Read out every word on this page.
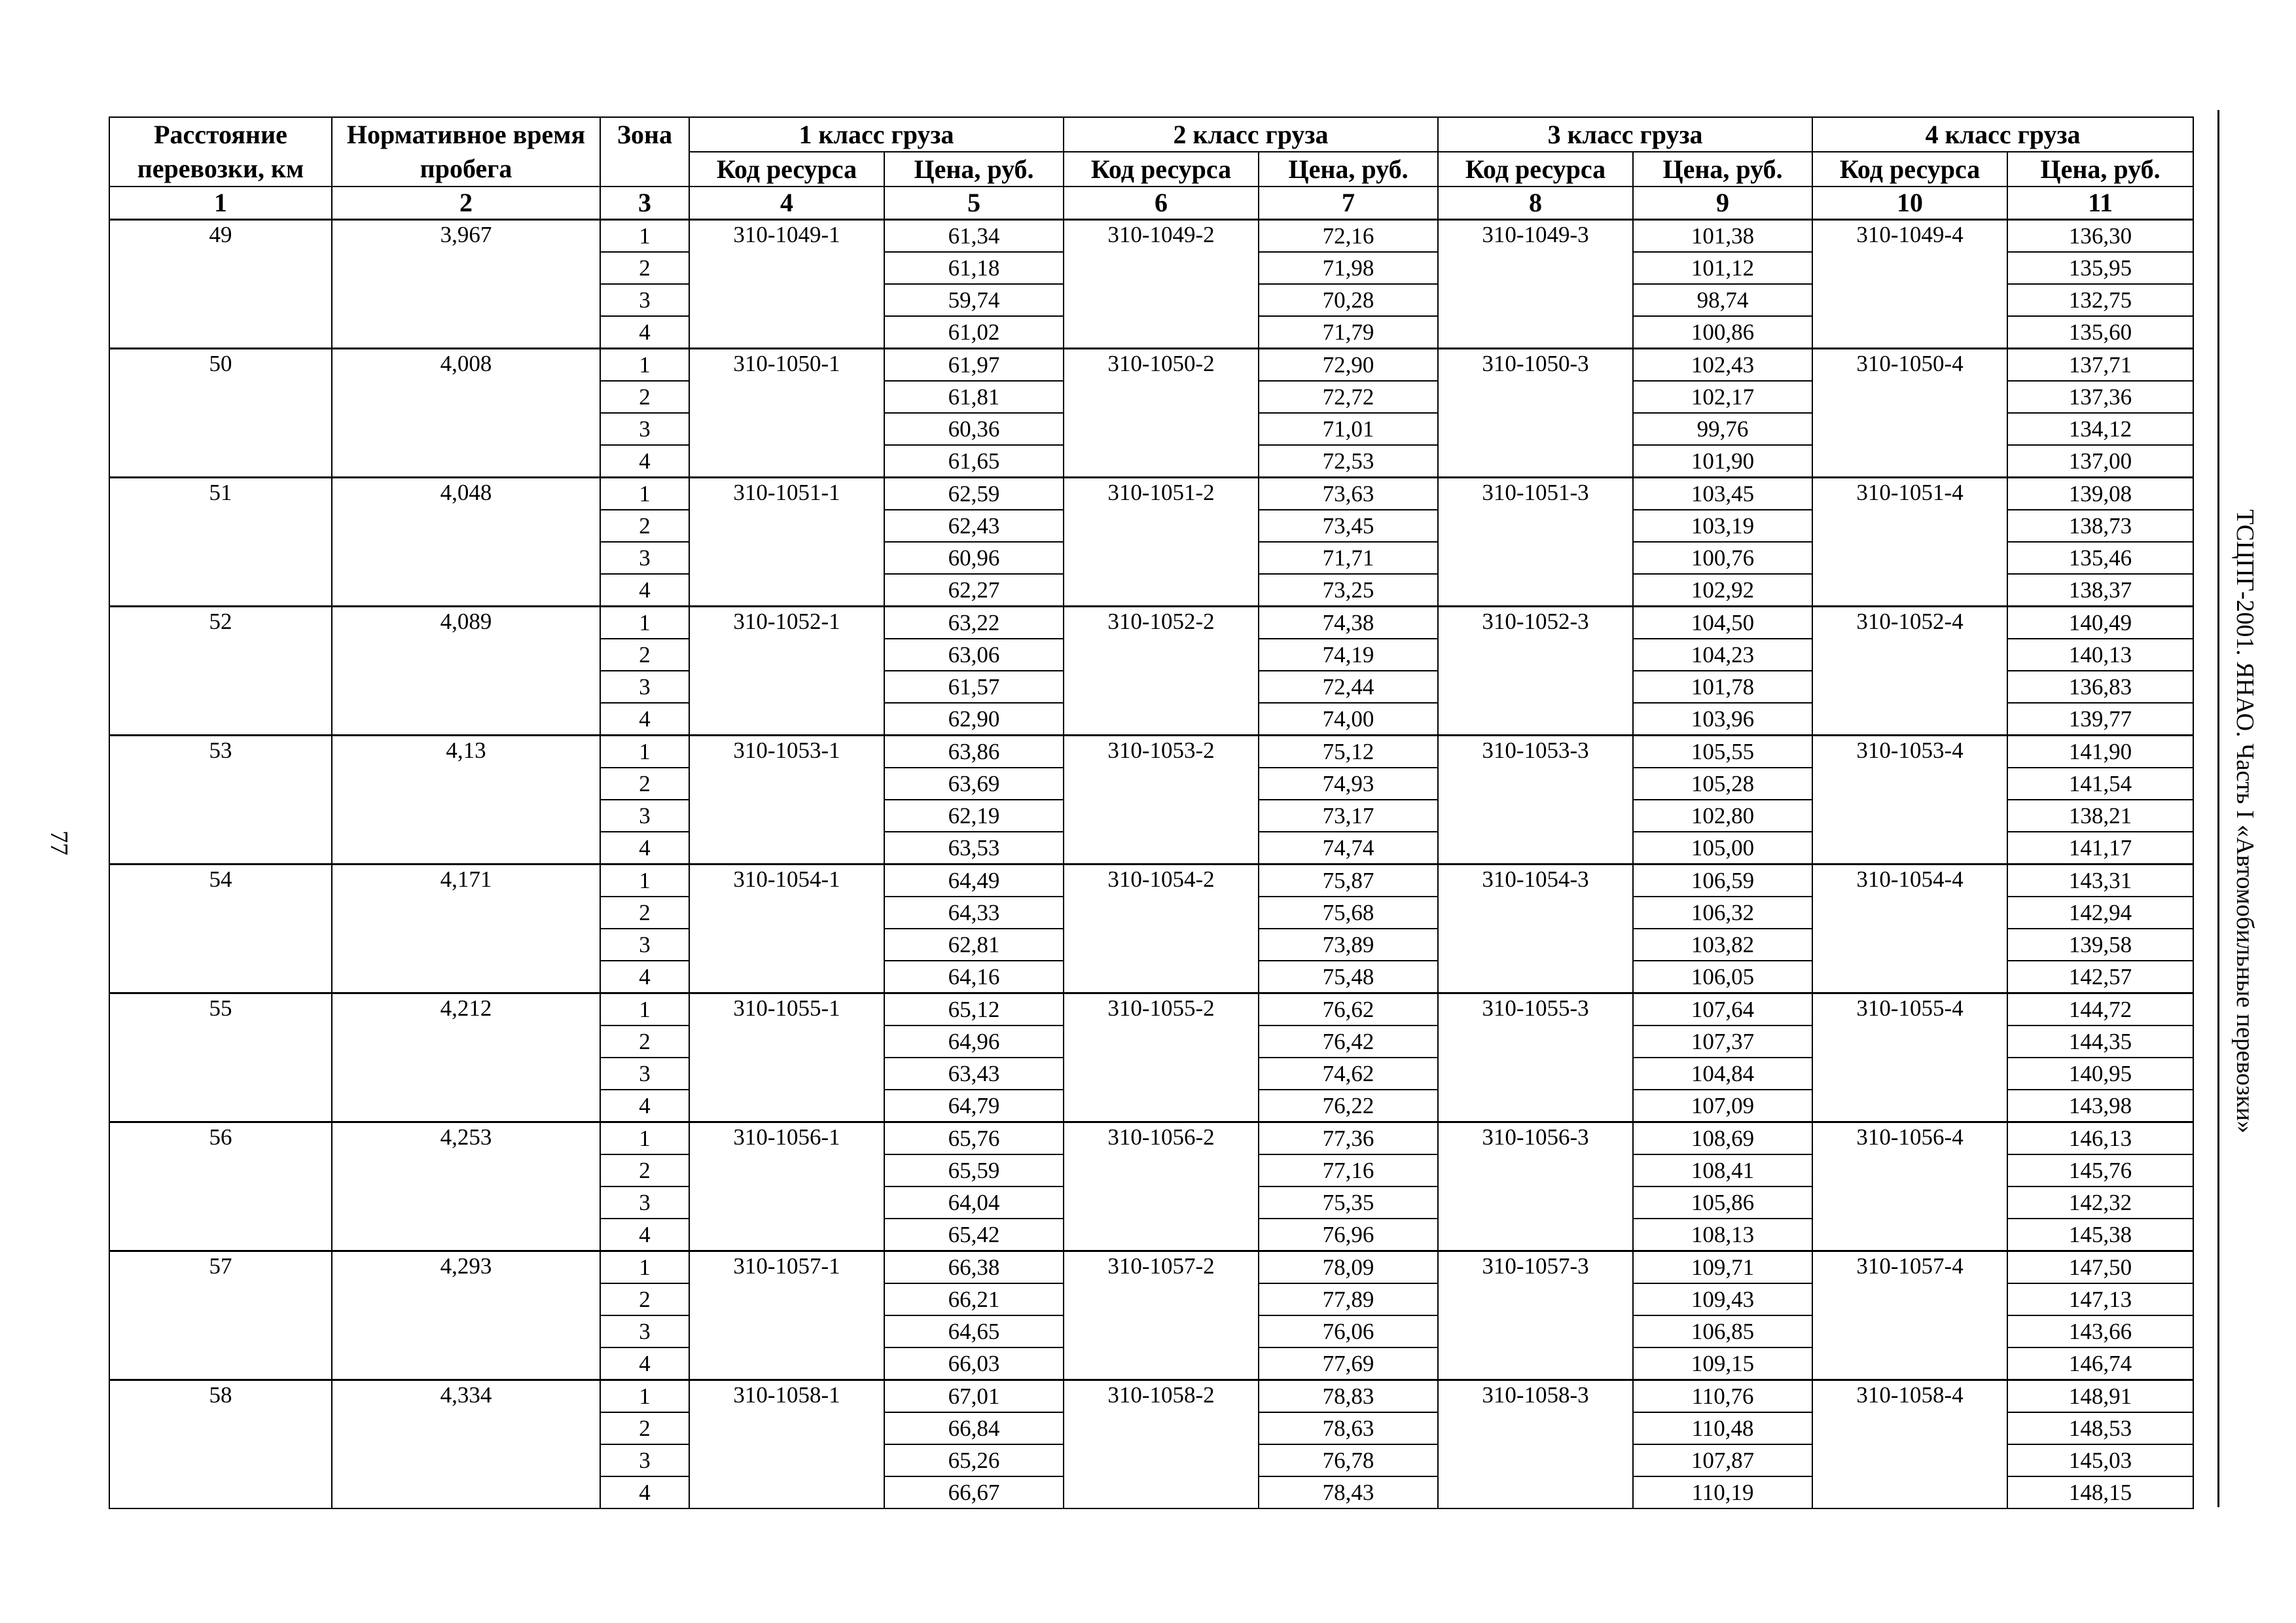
77
Расстояние перевозки, км	Нормативное время пробега	Зона	1 класс груза		2 класс груза		3 класс груза		4 класс груза	
			Код ресурса	Цена, руб.	Код ресурса	Цена, руб.	Код ресурса	Цена, руб.	Код ресурса	Цена, руб.
1	2	3	4	5	6	7	8	9	10	11
49	3,967	1	310-1049-1	61,34	310-1049-2	72,16	310-1049-3	101,38	310-1049-4	136,30
		2		61,18		71,98		101,12		135,95
		3		59,74		70,28		98,74		132,75
		4		61,02		71,79		100,86		135,60
50	4,008	1	310-1050-1	61,97	310-1050-2	72,90	310-1050-3	102,43	310-1050-4	137,71
		2		61,81		72,72		102,17		137,36
		3		60,36		71,01		99,76		134,12
		4		61,65		72,53		101,90		137,00
51	4,048	1	310-1051-1	62,59	310-1051-2	73,63	310-1051-3	103,45	310-1051-4	139,08
		2		62,43		73,45		103,19		138,73
		3		60,96		71,71		100,76		135,46
		4		62,27		73,25		102,92		138,37
52	4,089	1	310-1052-1	63,22	310-1052-2	74,38	310-1052-3	104,50	310-1052-4	140,49
		2		63,06		74,19		104,23		140,13
		3		61,57		72,44		101,78		136,83
		4		62,90		74,00		103,96		139,77
53	4,13	1	310-1053-1	63,86	310-1053-2	75,12	310-1053-3	105,55	310-1053-4	141,90
		2		63,69		74,93		105,28		141,54
		3		62,19		73,17		102,80		138,21
		4		63,53		74,74		105,00		141,17
54	4,171	1	310-1054-1	64,49	310-1054-2	75,87	310-1054-3	106,59	310-1054-4	143,31
		2		64,33		75,68		106,32		142,94
		3		62,81		73,89		103,82		139,58
		4		64,16		75,48		106,05		142,57
55	4,212	1	310-1055-1	65,12	310-1055-2	76,62	310-1055-3	107,64	310-1055-4	144,72
		2		64,96		76,42		107,37		144,35
		3		63,43		74,62		104,84		140,95
		4		64,79		76,22		107,09		143,98
56	4,253	1	310-1056-1	65,76	310-1056-2	77,36	310-1056-3	108,69	310-1056-4	146,13
		2		65,59		77,16		108,41		145,76
		3		64,04		75,35		105,86		142,32
		4		65,42		76,96		108,13		145,38
57	4,293	1	310-1057-1	66,38	310-1057-2	78,09	310-1057-3	109,71	310-1057-4	147,50
		2		66,21		77,89		109,43		147,13
		3		64,65		76,06		106,85		143,66
		4		66,03		77,69		109,15		146,74
58	4,334	1	310-1058-1	67,01	310-1058-2	78,83	310-1058-3	110,76	310-1058-4	148,91
		2		66,84		78,63		110,48		148,53
		3		65,26		76,78		107,87		145,03
		4		66,67		78,43		110,19		148,15
ТСЦПГ-2001. ЯНАО. Часть I «Автомобильные перевозки»
